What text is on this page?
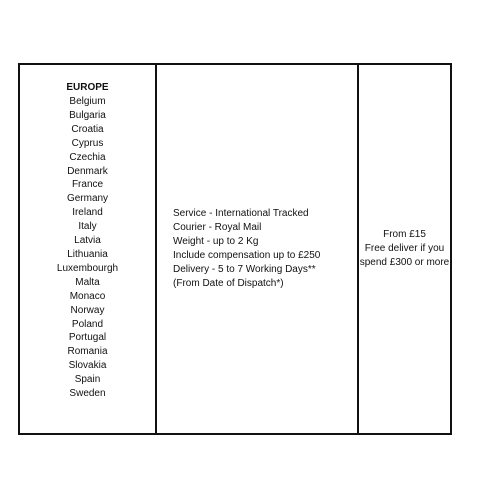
EUROPE
Belgium
Bulgaria
Croatia
Cyprus
Czechia
Denmark
France
Germany
Ireland
Italy
Latvia
Lithuania
Luxembourgh
Malta
Monaco
Norway
Poland
Portugal
Romania
Slovakia
Spain
Sweden
Service - International Tracked
Courier - Royal Mail
Weight - up to 2 Kg
Include compensation up to £250
Delivery - 5 to 7 Working Days**
(From Date of Dispatch*)
From £15
Free deliver if you spend £300 or more
